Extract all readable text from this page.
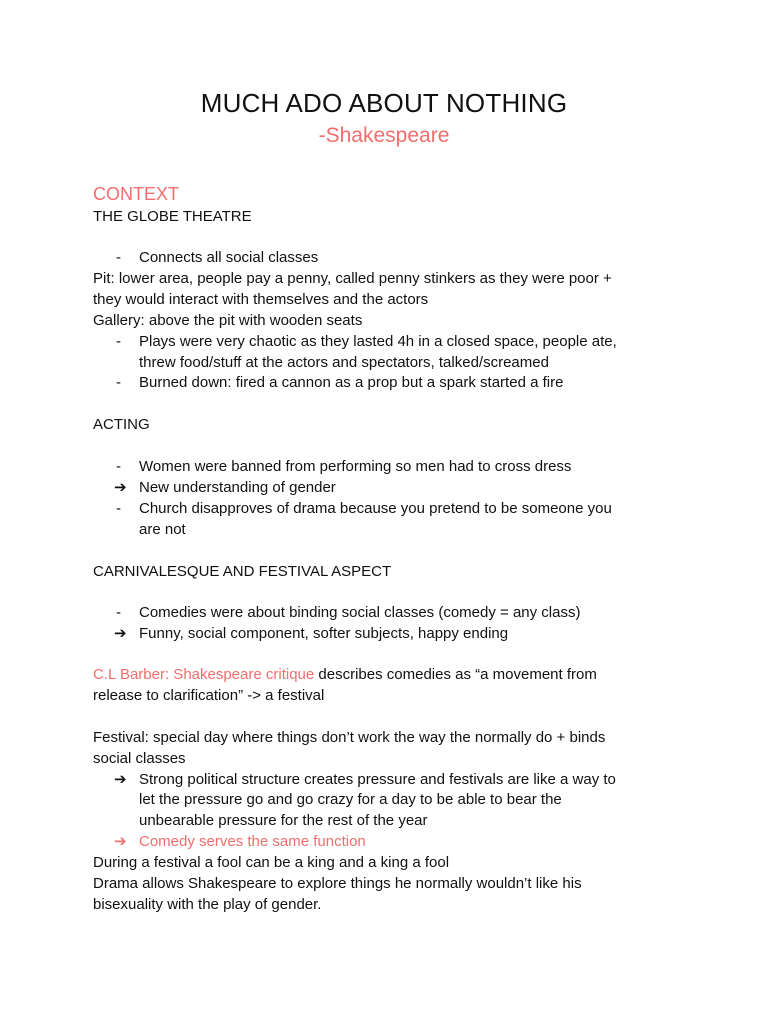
MUCH ADO ABOUT NOTHING
-Shakespeare
CONTEXT
THE GLOBE THEATRE
- Connects all social classes
Pit: lower area, people pay a penny, called penny stinkers as they were poor +
they would interact with themselves and the actors
Gallery: above the pit with wooden seats
- Plays were very chaotic as they lasted 4h in a closed space, people ate,
threw food/stuff at the actors and spectators, talked/screamed
- Burned down: fired a cannon as a prop but a spark started a fire
ACTING
- Women were banned from performing so men had to cross dress
➔ New understanding of gender
- Church disapproves of drama because you pretend to be someone you
are not
CARNIVALESQUE AND FESTIVAL ASPECT
- Comedies were about binding social classes (comedy = any class)
➔ Funny, social component, softer subjects, happy ending
C.L Barber: Shakespeare critique describes comedies as “a movement from
release to clarification” -> a festival
Festival: special day where things don’t work the way the normally do + binds
social classes
➔ Strong political structure creates pressure and festivals are like a way to
let the pressure go and go crazy for a day to be able to bear the
unbearable pressure for the rest of the year
➔ Comedy serves the same function
During a festival a fool can be a king and a king a fool
Drama allows Shakespeare to explore things he normally wouldn’t like his
bisexuality with the play of gender.
